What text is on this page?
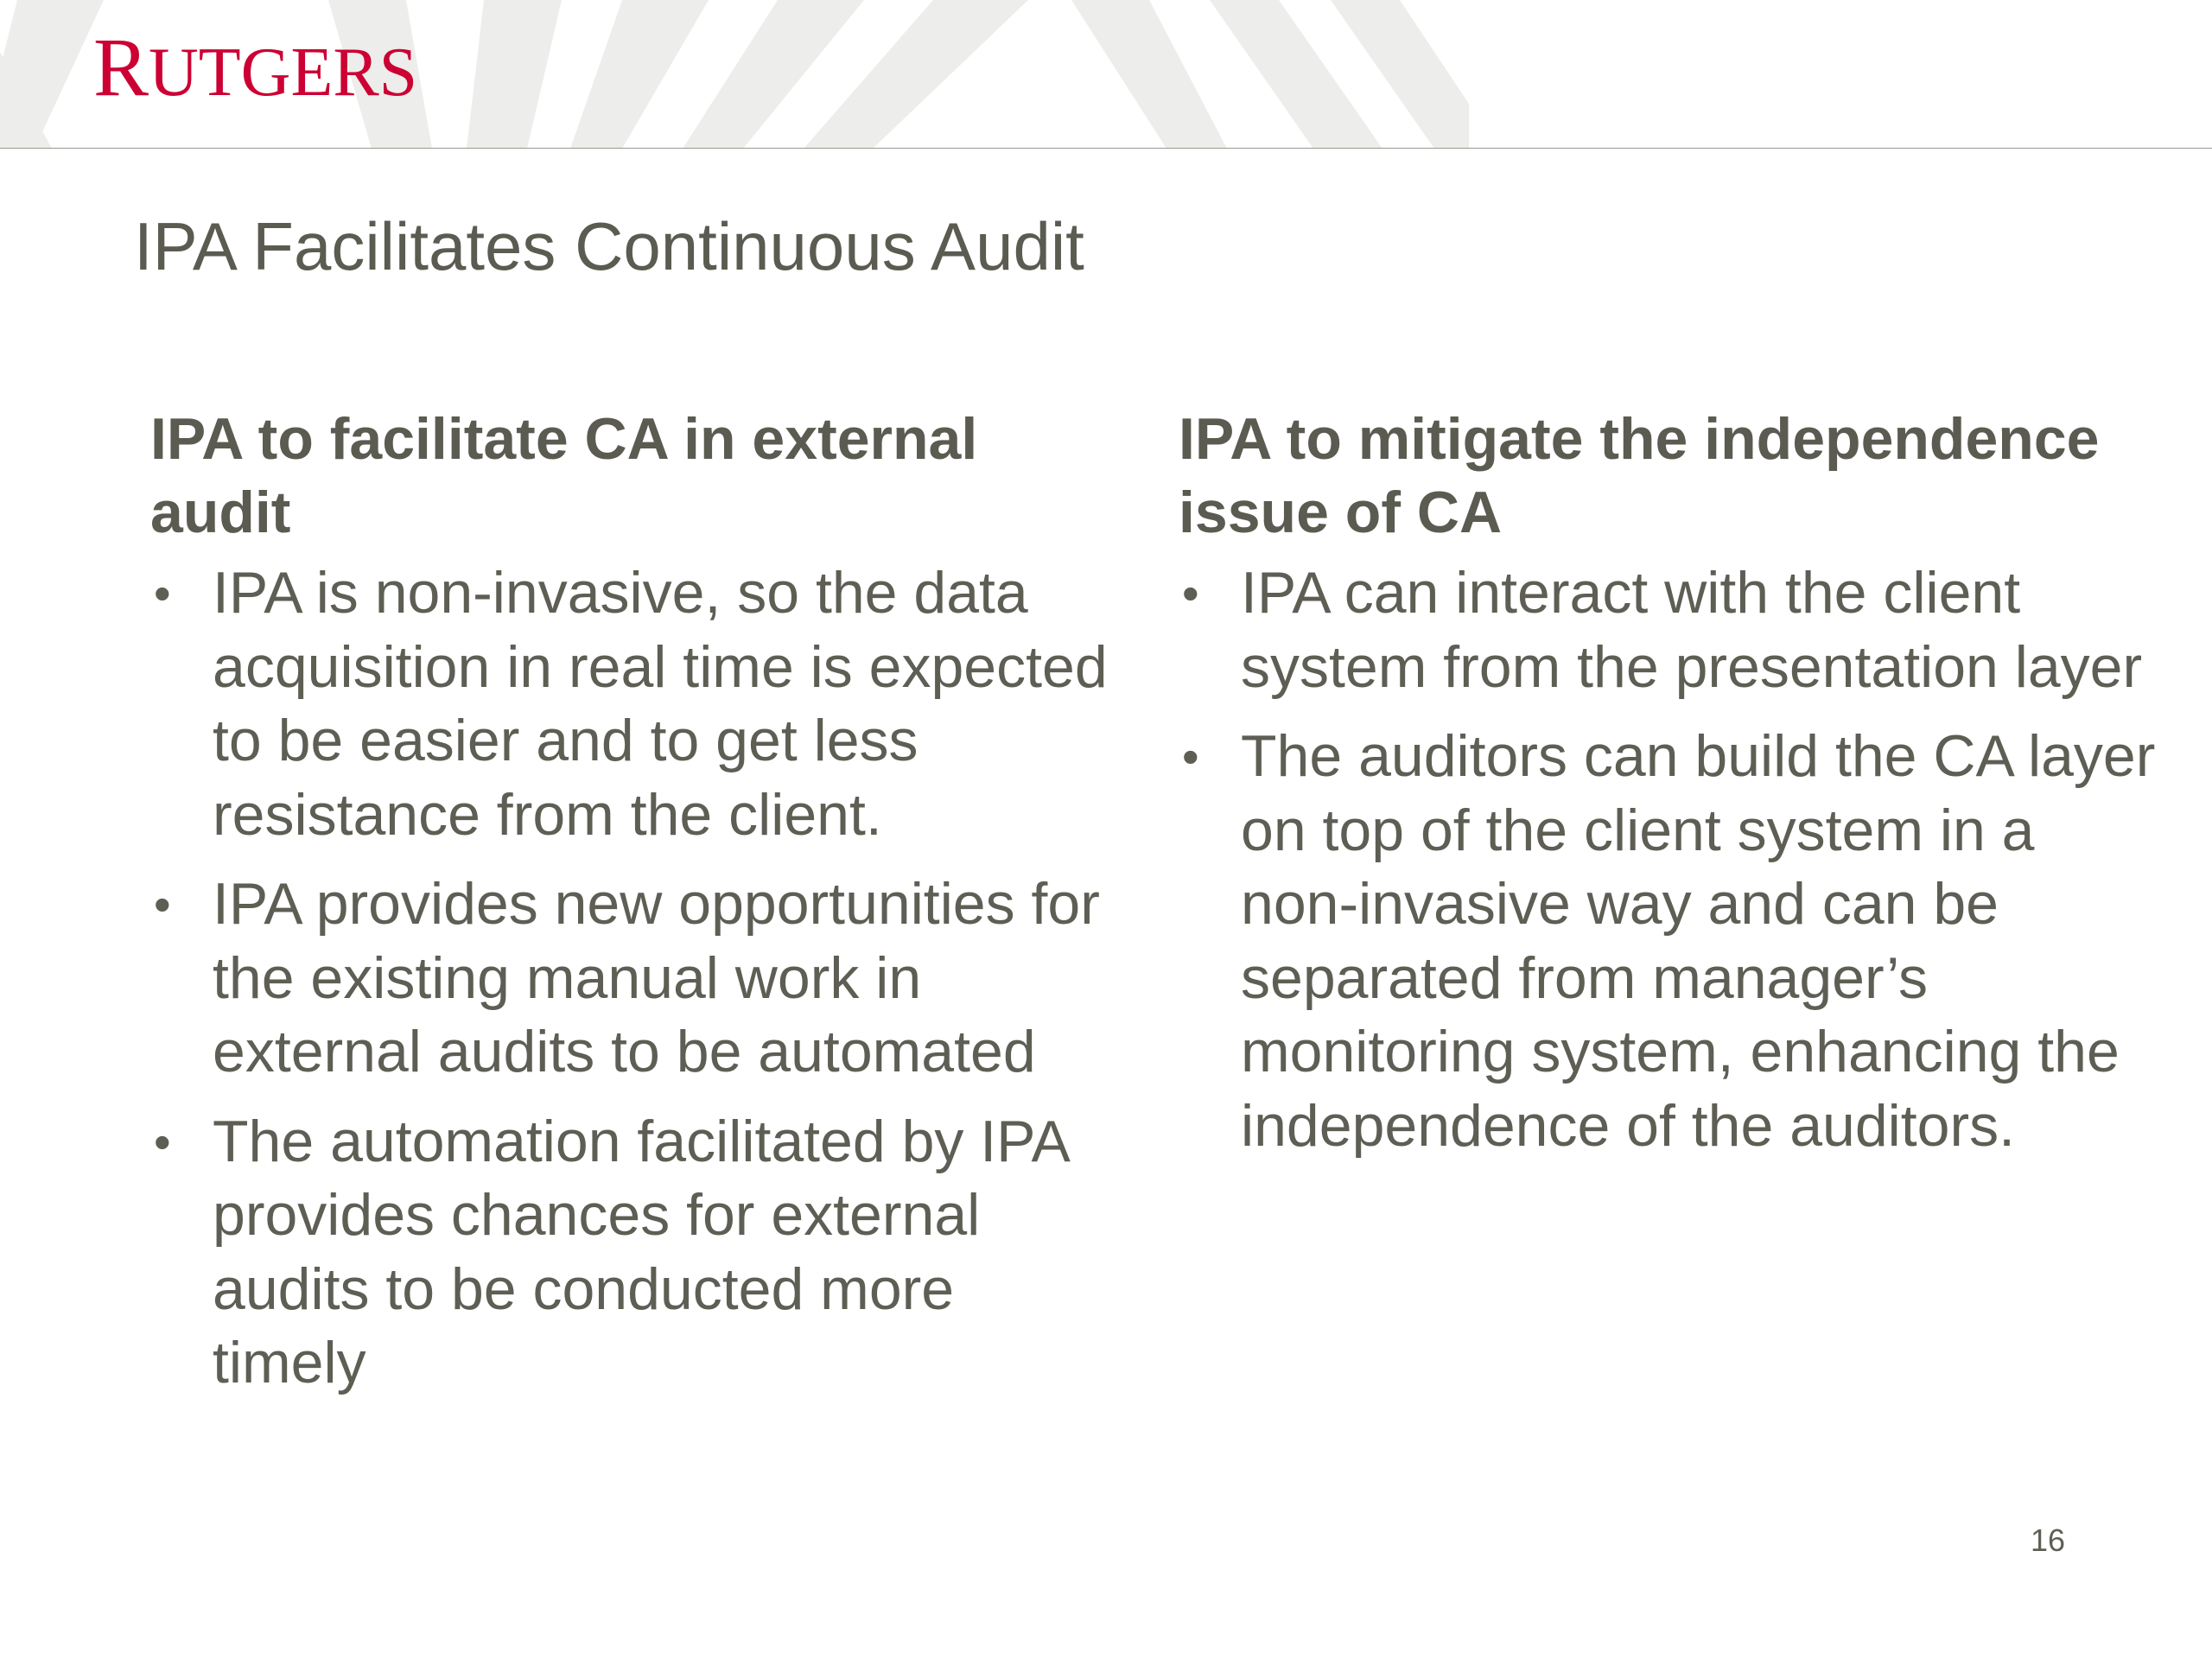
RUTGERS
IPA Facilitates Continuous Audit
IPA to facilitate CA in external audit
• IPA is non-invasive, so the data acquisition in real time is expected to be easier and to get less resistance from the client.
• IPA provides new opportunities for the existing manual work in external audits to be automated
• The automation facilitated by IPA provides chances for external audits to be conducted more timely
IPA to mitigate the independence issue of CA
• IPA can interact with the client system from the presentation layer
• The auditors can build the CA layer on top of the client system in a non-invasive way and can be separated from manager’s monitoring system, enhancing the independence of the auditors.
16
